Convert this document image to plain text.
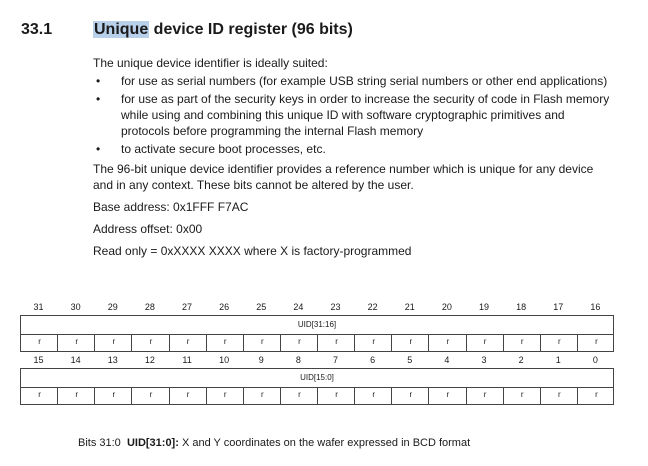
33.1	Unique device ID register (96 bits)

The unique device identifier is ideally suited:

• for use as serial numbers (for example USB string serial numbers or other end applications)
• for use as part of the security keys in order to increase the security of code in Flash memory while using and combining this unique ID with software cryptographic primitives and protocols before programming the internal Flash memory
• to activate secure boot processes, etc.

The 96-bit unique device identifier provides a reference number which is unique for any device and in any context. These bits cannot be altered by the user.

Base address: 0x1FFF F7AC

Address offset: 0x00

Read only = 0xXXXX XXXX where X is factory-programmed

31	30	29	28	27	26	25	24	23	22	21	20	19	18	17	16
UID[31:16]
r	r	r	r	r	r	r	r	r	r	r	r	r	r	r	r
15	14	13	12	11	10	9	8	7	6	5	4	3	2	1	0
UID[15:0]
r	r	r	r	r	r	r	r	r	r	r	r	r	r	r	r
Bits 31:0 UID[31:0]: X and Y coordinates on the wafer expressed in BCD format
